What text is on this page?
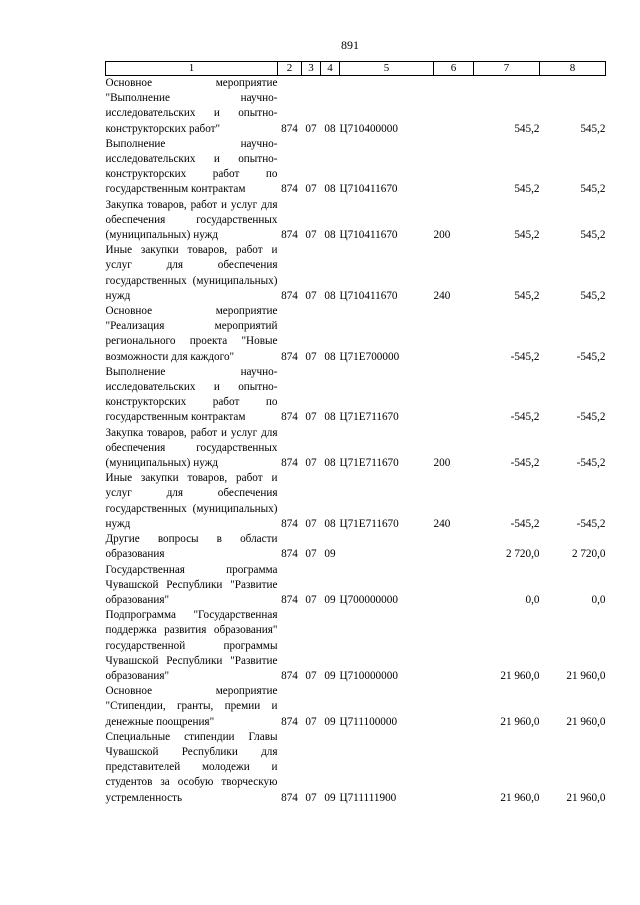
891
1	2	3	4	5	6	7	8
Основное мероприятие "Выполнение научно-исследовательских и опытно-конструкторских работ"	874	07	08	Ц710400000		545,2	545,2
Выполнение научно-исследовательских и опытно-конструкторских работ по государственным контрактам	874	07	08	Ц710411670		545,2	545,2
Закупка товаров, работ и услуг для обеспечения государственных (муниципальных) нужд	874	07	08	Ц710411670	200	545,2	545,2
Иные закупки товаров, работ и услуг для обеспечения государственных (муниципальных) нужд	874	07	08	Ц710411670	240	545,2	545,2
Основное мероприятие "Реализация мероприятий регионального проекта "Новые возможности для каждого"	874	07	08	Ц71Е700000		-545,2	-545,2
Выполнение научно-исследовательских и опытно-конструкторских работ по государственным контрактам	874	07	08	Ц71Е711670		-545,2	-545,2
Закупка товаров, работ и услуг для обеспечения государственных (муниципальных) нужд	874	07	08	Ц71Е711670	200	-545,2	-545,2
Иные закупки товаров, работ и услуг для обеспечения государственных (муниципальных) нужд	874	07	08	Ц71Е711670	240	-545,2	-545,2
Другие вопросы в области образования	874	07	09			2 720,0	2 720,0
Государственная программа Чувашской Республики "Развитие образования"	874	07	09	Ц700000000		0,0	0,0
Подпрограмма "Государственная поддержка развития образования" государственной программы Чувашской Республики "Развитие образования"	874	07	09	Ц710000000		21 960,0	21 960,0
Основное мероприятие "Стипендии, гранты, премии и денежные поощрения"	874	07	09	Ц711100000		21 960,0	21 960,0
Специальные стипендии Главы Чувашской Республики для представителей молодежи и студентов за особую творческую устремленность	874	07	09	Ц711111900		21 960,0	21 960,0
